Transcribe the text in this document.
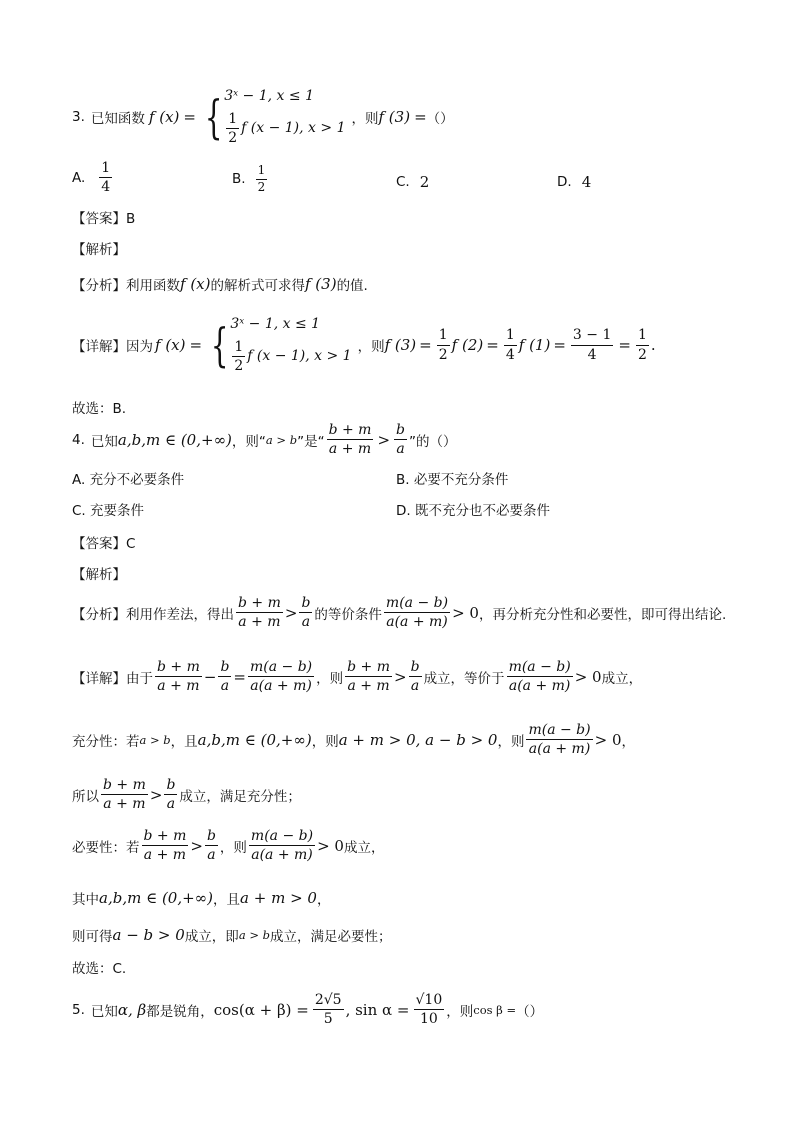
3. 已知函数 f (x) = { 3ˣ − 1, x ≤ 1
$\frac{1}{2}$ f (x − 1), x > 1
，则 f (3) = （）
A. $\frac{1}{4}$	B. $\frac{1}{2}$	C. 2	D. 4
【答案】B
【解析】
【分析】利用函数 f (x) 的解析式可求得 f (3) 的值.
【详解】因为 f (x) = { 3ˣ − 1, x ≤ 1
$\frac{1}{2}$ f (x − 1), x > 1
，则 f $(3) = \frac{1}{2}$ f $(2) = \frac{1}{4}$ f $(1) = \frac{3 - 1}{4} = \frac{1}{2}$ .
故选：B.
4. 已知 a,b,m ∈ (0,+∞) ，则“ a > b ”是“ $\frac{b + m}{a + m} > \frac{b}{a}$ ”的（）
A. 充分不必要条件	B. 必要不充分条件
C. 充要条件	D. 既不充分也不必要条件
【答案】C
【解析】
【分析】利用作差法，得出 $\frac{b + m}{a + m} > \frac{b}{a}$ 的等价条件 $\frac{m(a - b)}{a(a + m)} > 0$ ，再分析充分性和必要性，即可得出结论.
【详解】由于 $\frac{b + m}{a + m} - \frac{b}{a} = \frac{m(a - b)}{a(a + m)}$ ，则 $\frac{b + m}{a + m} > \frac{b}{a}$ 成立，等价于 $\frac{m(a - b)}{a(a + m)} > 0$ 成立，
充分性：若 a > b ，且 a,b,m ∈ (0,+∞) ，则 a + m > 0, a − b > 0 ，则 $\frac{m(a - b)}{a(a + m)} > 0$ ，
所以 $\frac{b + m}{a + m} > \frac{b}{a}$ 成立，满足充分性；
必要性：若 $\frac{b + m}{a + m} > \frac{b}{a}$ ，则 $\frac{m(a - b)}{a(a + m)} > 0$ 成立，
其中 a,b,m ∈ (0,+∞) ，且 a + m > 0 ，
则可得 a − b > 0 成立，即 a > b 成立，满足必要性；
故选：C.
5. 已知 α, β 都是锐角， $\cos(\alpha + \beta) = \frac{2√5}{5}$ , $\sin \alpha = \frac{√10}{10}$ ，则 cos β = （）
